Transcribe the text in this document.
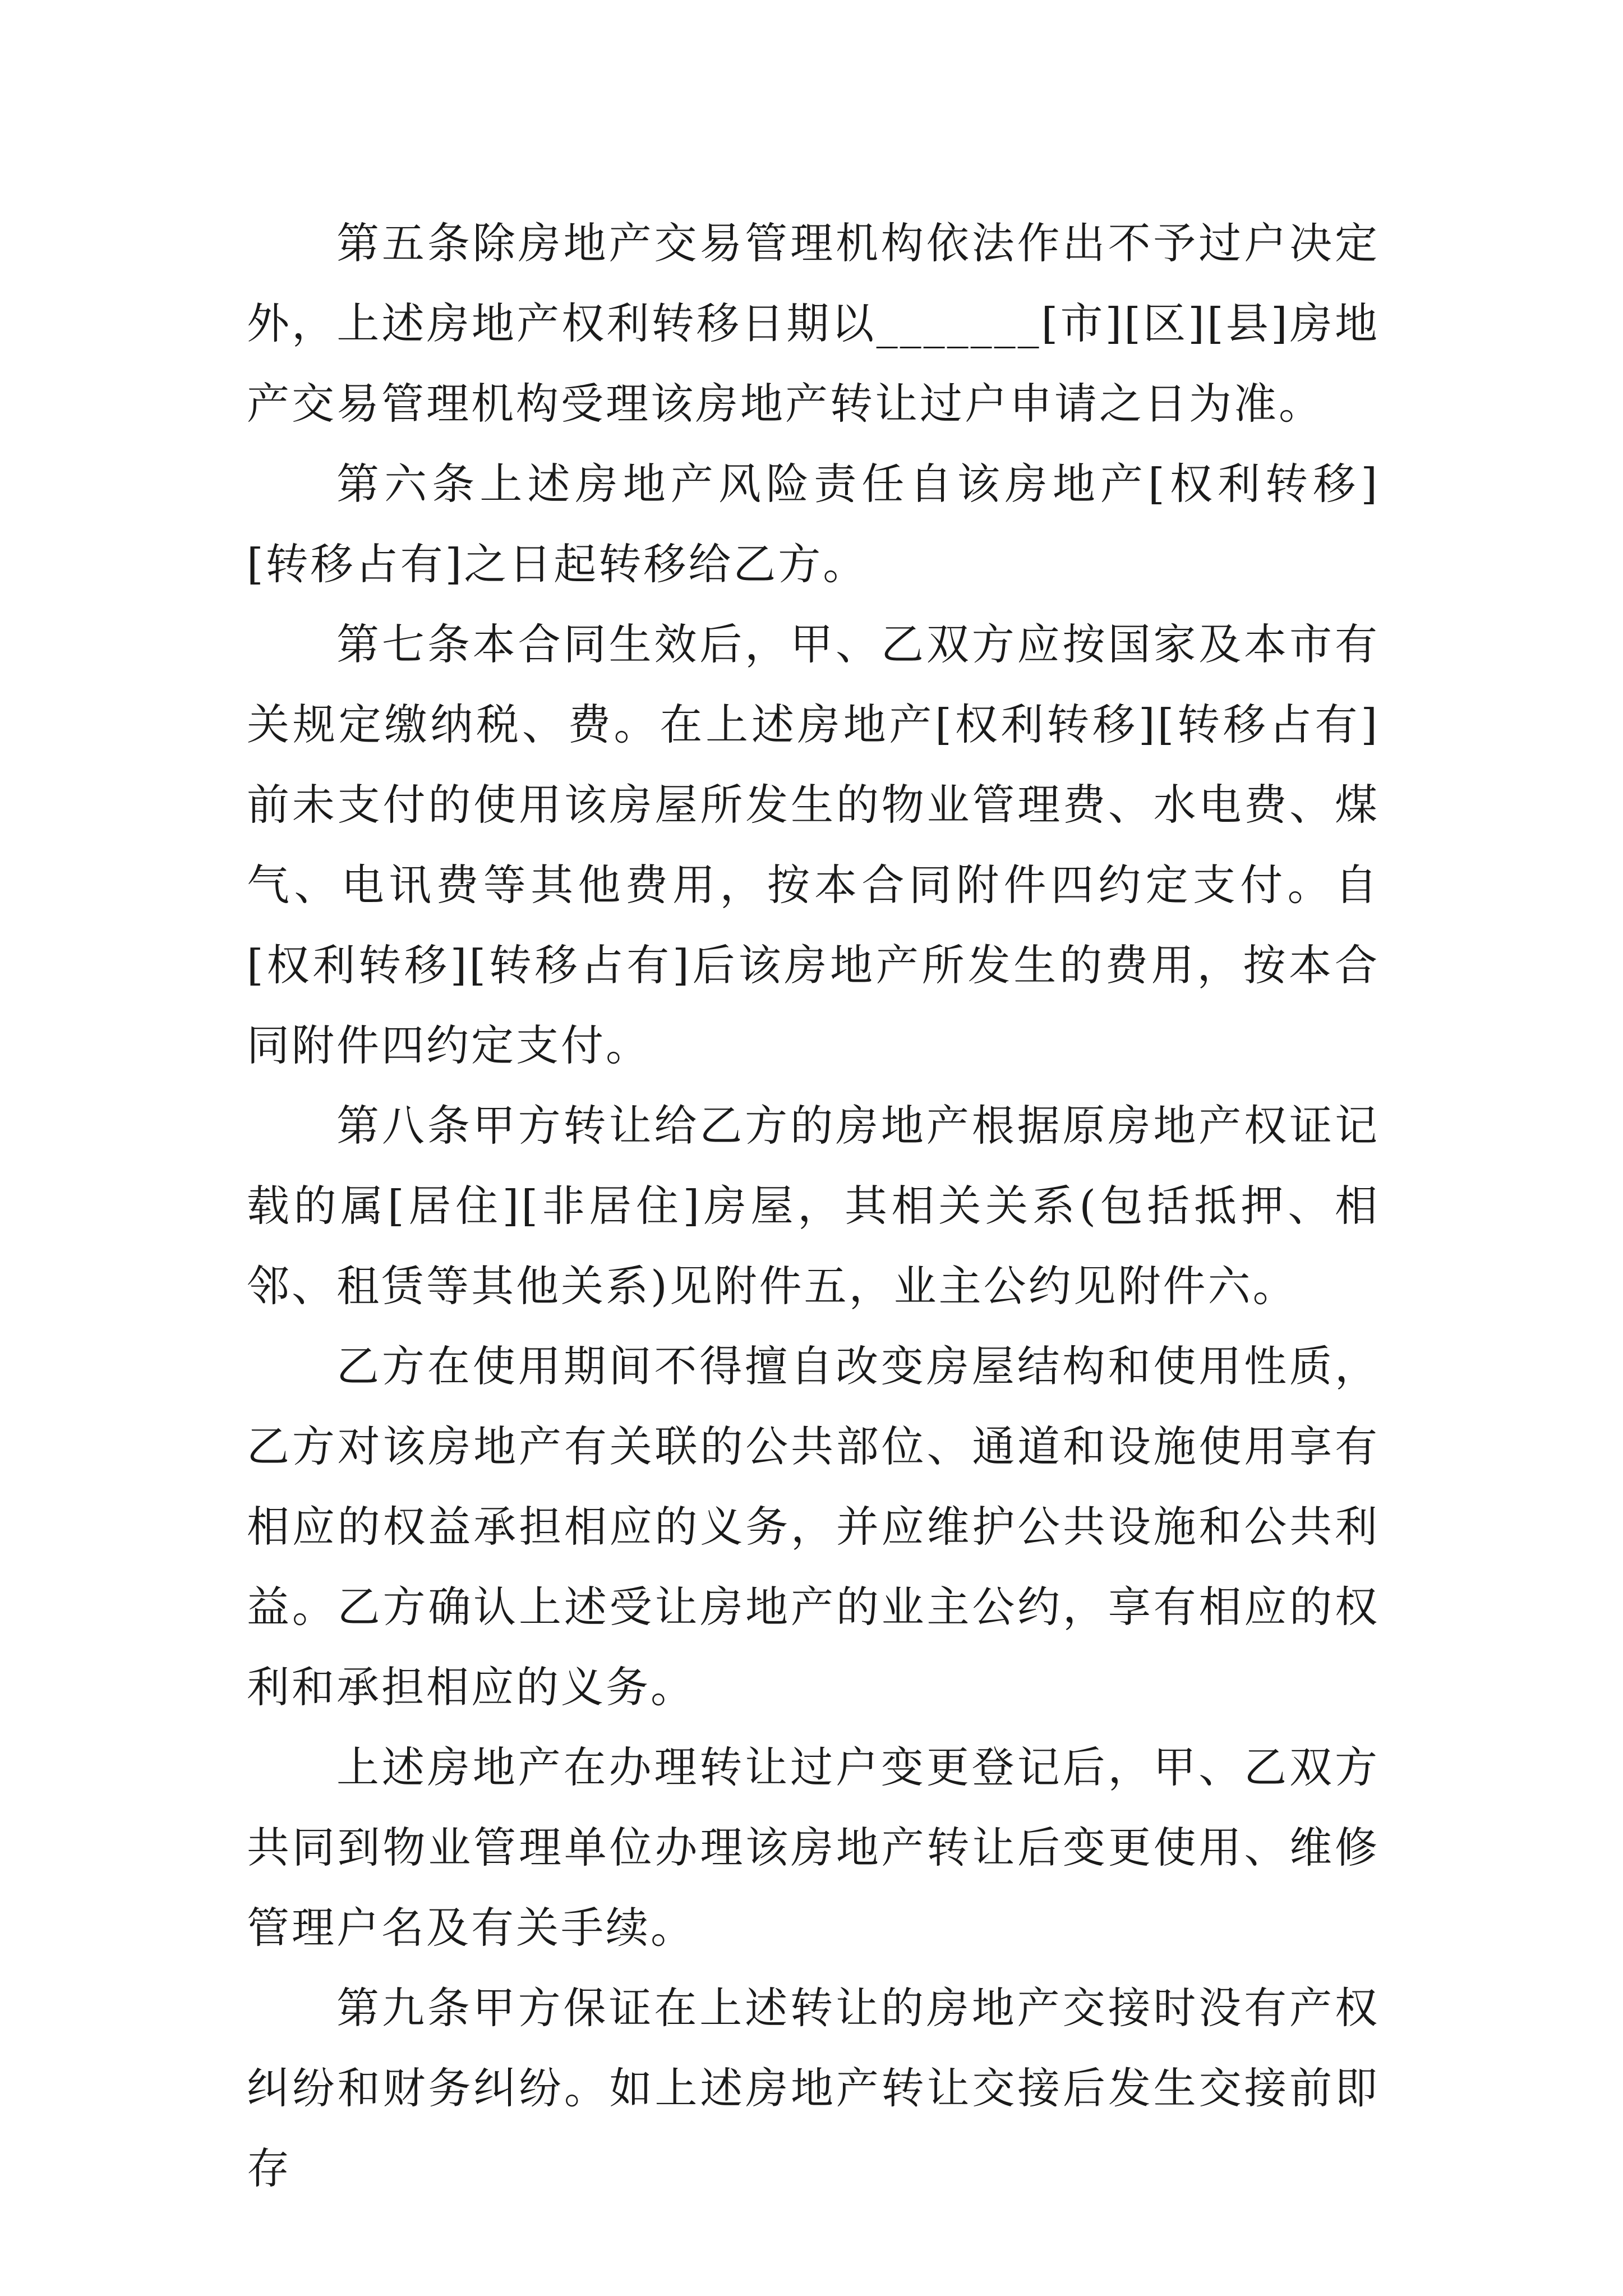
第五条除房地产交易管理机构依法作出不予过户决定外，上述房地产权利转移日期以_______[市][区][县]房地产交易管理机构受理该房地产转让过户申请之日为准。

第六条上述房地产风险责任自该房地产[权利转移][转移占有]之日起转移给乙方。

第七条本合同生效后，甲、乙双方应按国家及本市有关规定缴纳税、费。在上述房地产[权利转移][转移占有]前未支付的使用该房屋所发生的物业管理费、水电费、煤气、电讯费等其他费用，按本合同附件四约定支付。自[权利转移][转移占有]后该房地产所发生的费用，按本合同附件四约定支付。

第八条甲方转让给乙方的房地产根据原房地产权证记载的属[居住][非居住]房屋，其相关关系(包括抵押、相邻、租赁等其他关系)见附件五，业主公约见附件六。

乙方在使用期间不得擅自改变房屋结构和使用性质，乙方对该房地产有关联的公共部位、通道和设施使用享有相应的权益承担相应的义务，并应维护公共设施和公共利益。乙方确认上述受让房地产的业主公约，享有相应的权利和承担相应的义务。

上述房地产在办理转让过户变更登记后，甲、乙双方共同到物业管理单位办理该房地产转让后变更使用、维修管理户名及有关手续。

第九条甲方保证在上述转让的房地产交接时没有产权纠纷和财务纠纷。如上述房地产转让交接后发生交接前即存
